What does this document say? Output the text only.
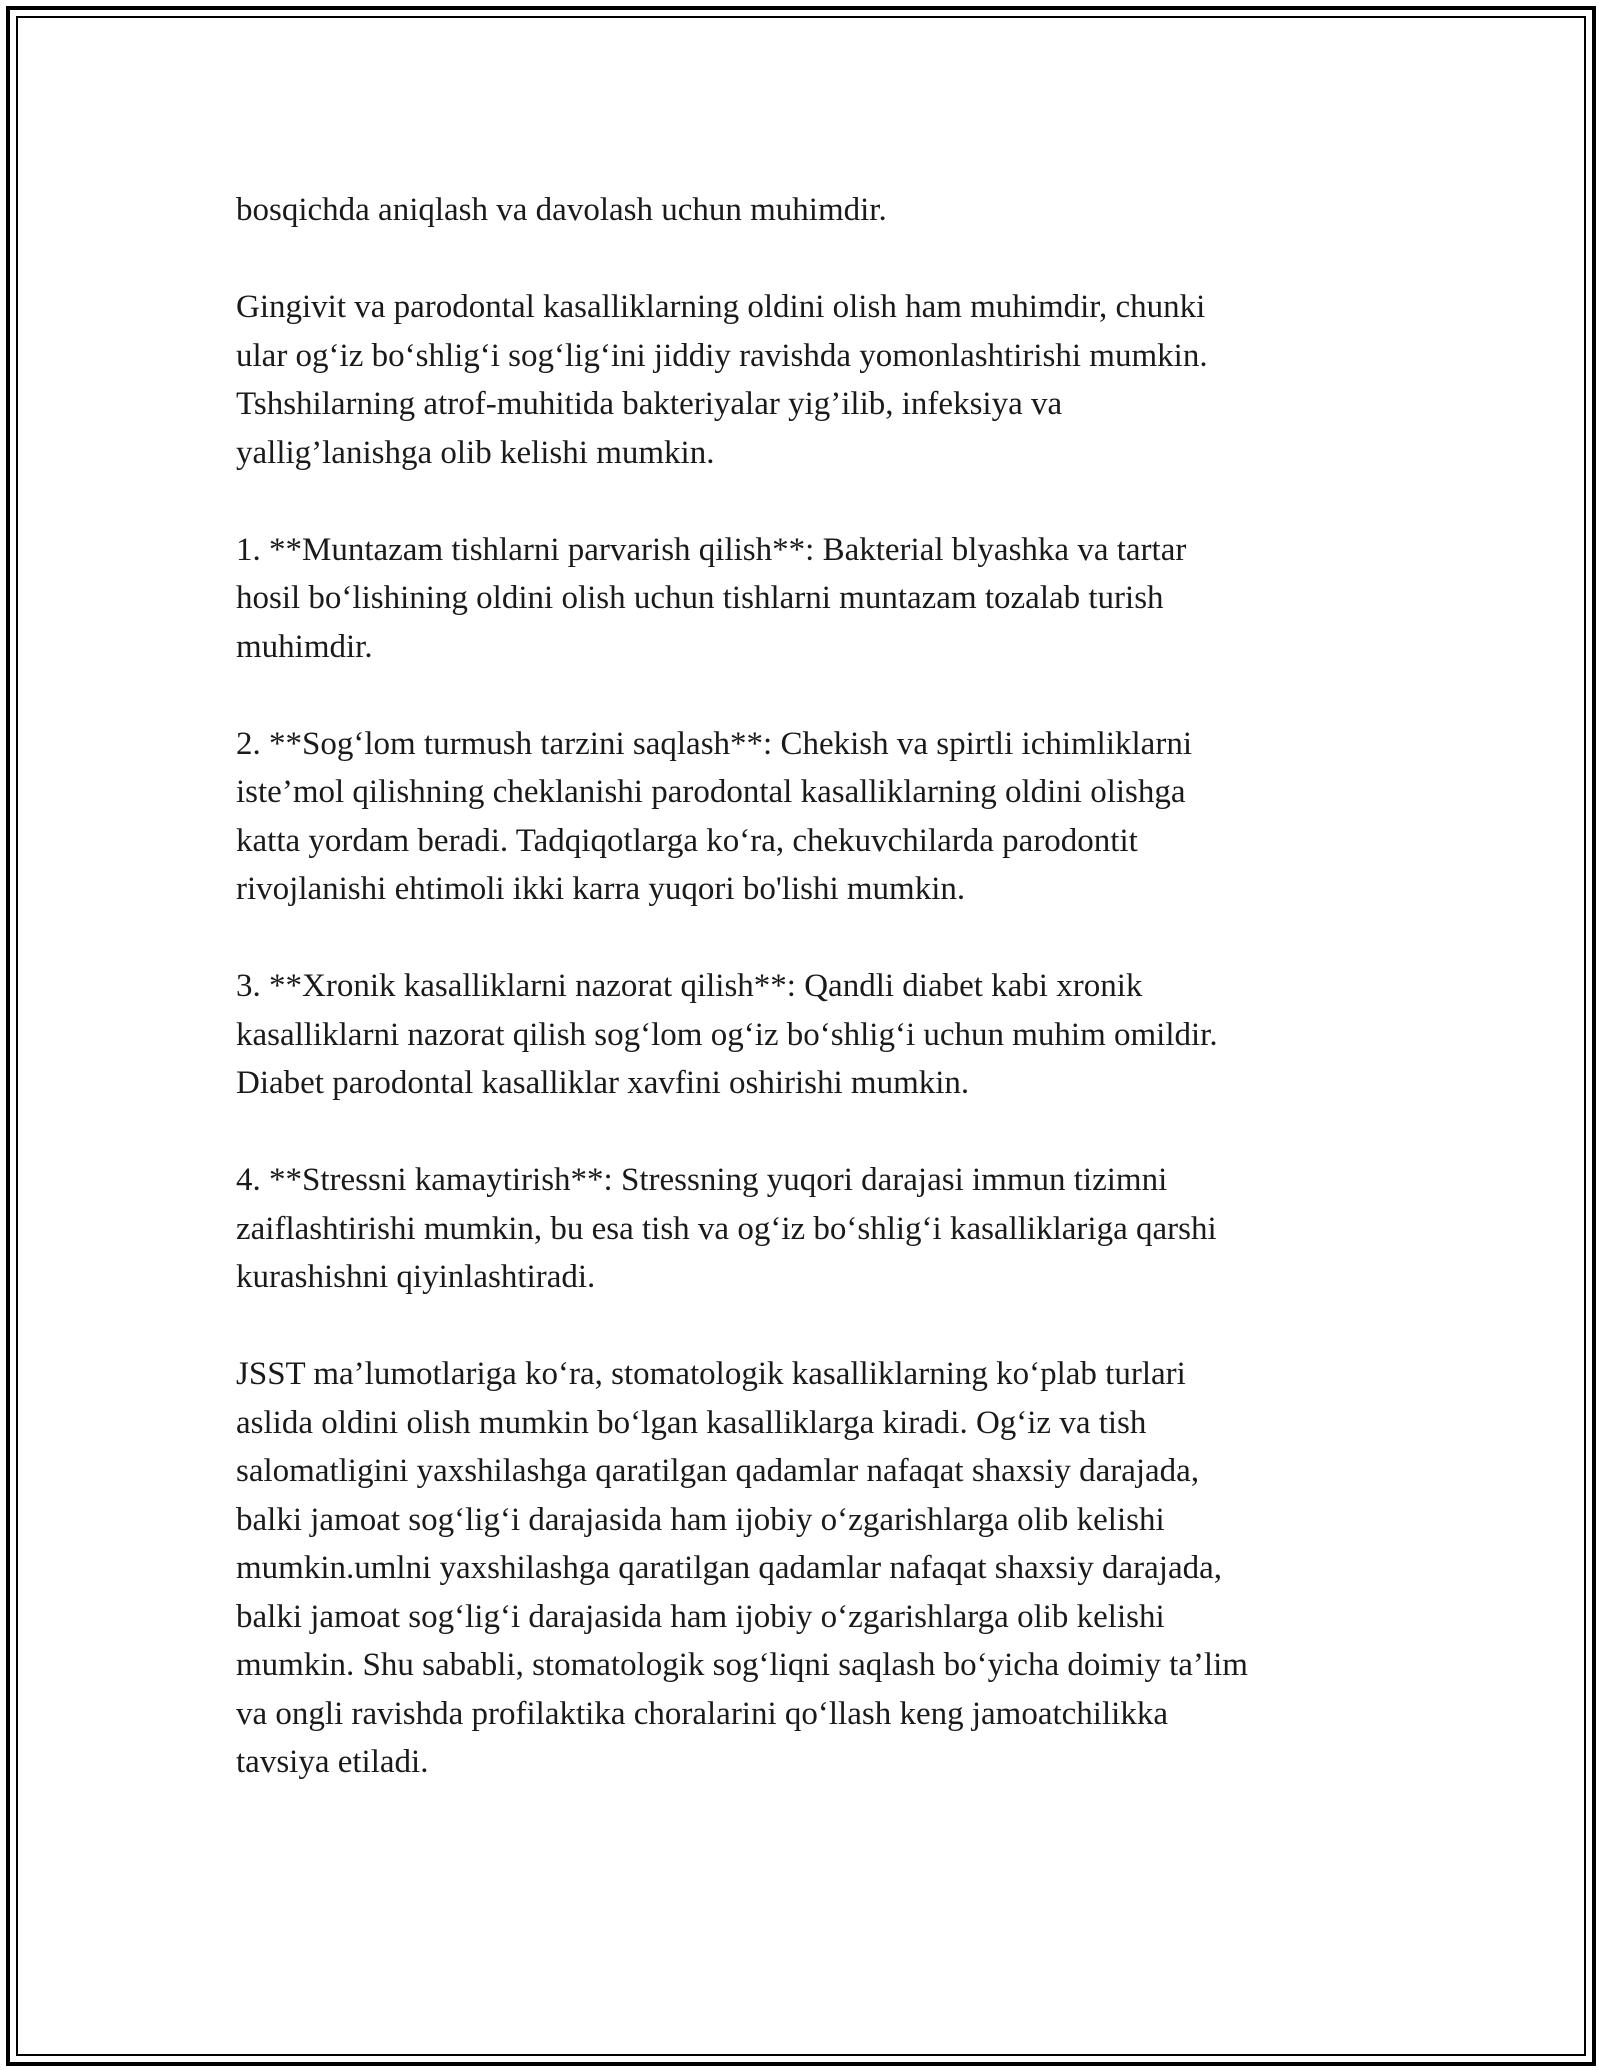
bosqichda aniqlash va davolash uchun muhimdir.
Gingivit va parodontal kasalliklarning oldini olish ham muhimdir, chunki
ular og‘iz bo‘shlig‘i sog‘lig‘ini jiddiy ravishda yomonlashtirishi mumkin.
Tshshilarning atrof-muhitida bakteriyalar yig’ilib, infeksiya va
yallig’lanishga olib kelishi mumkin.
1. **Muntazam tishlarni parvarish qilish**: Bakterial blyashka va tartar
hosil bo‘lishining oldini olish uchun tishlarni muntazam tozalab turish
muhimdir.
2. **Sog‘lom turmush tarzini saqlash**: Chekish va spirtli ichimliklarni
iste’mol qilishning cheklanishi parodontal kasalliklarning oldini olishga
katta yordam beradi. Tadqiqotlarga ko‘ra, chekuvchilarda parodontit
rivojlanishi ehtimoli ikki karra yuqori bo'lishi mumkin.
3. **Xronik kasalliklarni nazorat qilish**: Qandli diabet kabi xronik
kasalliklarni nazorat qilish sog‘lom og‘iz bo‘shlig‘i uchun muhim omildir.
Diabet parodontal kasalliklar xavfini oshirishi mumkin.
4. **Stressni kamaytirish**: Stressning yuqori darajasi immun tizimni
zaiflashtirishi mumkin, bu esa tish va og‘iz bo‘shlig‘i kasalliklariga qarshi
kurashishni qiyinlashtiradi.
JSST ma’lumotlariga ko‘ra, stomatologik kasalliklarning ko‘plab turlari
aslida oldini olish mumkin bo‘lgan kasalliklarga kiradi. Og‘iz va tish
salomatligini yaxshilashga qaratilgan qadamlar nafaqat shaxsiy darajada,
balki jamoat sog‘lig‘i darajasida ham ijobiy o‘zgarishlarga olib kelishi
mumkin.umlni yaxshilashga qaratilgan qadamlar nafaqat shaxsiy darajada,
balki jamoat sog‘lig‘i darajasida ham ijobiy o‘zgarishlarga olib kelishi
mumkin. Shu sababli, stomatologik sog‘liqni saqlash bo‘yicha doimiy ta’lim
va ongli ravishda profilaktika choralarini qo‘llash keng jamoatchilikka
tavsiya etiladi.
